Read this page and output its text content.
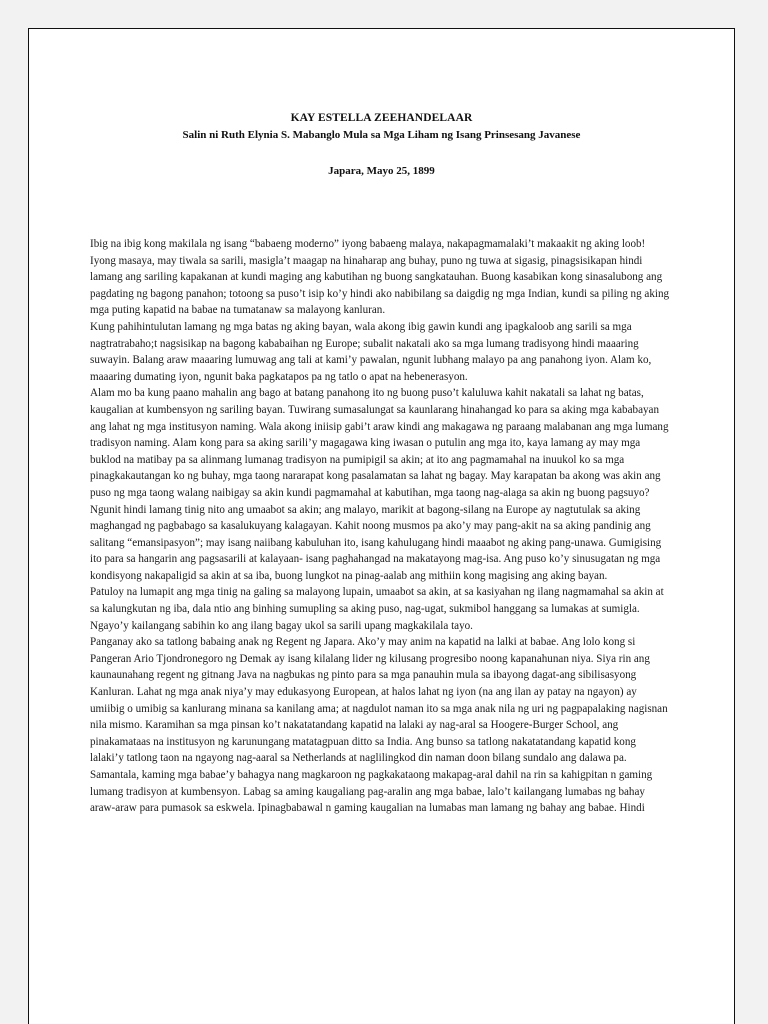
KAY ESTELLA ZEEHANDELAAR
Salin ni Ruth Elynia S. Mabanglo Mula sa Mga Liham ng Isang Prinsesang Javanese
Japara, Mayo 25, 1899

Ibig na ibig kong makilala ng isang “babaeng moderno” iyong babaeng malaya, nakapagmamalaki’t makaakit ng aking loob! Iyong masaya, may tiwala sa sarili, masigla’t maagap na hinaharap ang buhay, puno ng tuwa at sigasig, pinagsisikapan hindi lamang ang sariling kapakanan at kundi maging ang kabutihan ng buong sangkatauhan. Buong kasabikan kong sinasalubong ang pagdating ng bagong panahon; totoong sa puso’t isip ko’y hindi ako nabibilang sa daigdig ng mga Indian, kundi sa piling ng aking mga puting kapatid na babae na tumatanaw sa malayong kanluran.

Kung pahihintulutan lamang ng mga batas ng aking bayan, wala akong ibig gawin kundi ang ipagkaloob ang sarili sa mga nagtratrabaho;t nagsisikap na bagong kababaihan ng Europe; subalit nakatali ako sa mga lumang tradisyong hindi maaaring suwayin. Balang araw maaaring lumuwag ang tali at kami’y pawalan, ngunit lubhang malayo pa ang panahong iyon. Alam ko, maaaring dumating iyon, ngunit baka pagkatapos pa ng tatlo o apat na hebenerasyon.

Alam mo ba kung paano mahalin ang bago at batang panahong ito ng buong puso’t kaluluwa kahit nakatali sa lahat ng batas, kaugalian at kumbensyon ng sariling bayan. Tuwirang sumasalungat sa kaunlarang hinahangad ko para sa aking mga kababayan ang lahat ng mga institusyon naming. Wala akong iniisip gabi’t araw kindi ang makagawa ng paraang malabanan ang mga lumang tradisyon naming. Alam kong para sa aking sarili’y magagawa king iwasan o putulin ang mga ito, kaya lamang ay may mga buklod na matibay pa sa alinmang lumanag tradisyon na pumipigil sa akin; at ito ang pagmamahal na inuukol ko sa mga pinagkakautangan ko ng buhay, mga taong nararapat kong pasalamatan sa lahat ng bagay. May karapatan ba akong was akin ang puso ng mga taong walang naibigay sa akin kundi pagmamahal at kabutihan, mga taong nag-alaga sa akin ng buong pagsuyo?

Ngunit hindi lamang tinig nito ang umaabot sa akin; ang malayo, marikit at bagong-silang na Europe ay nagtutulak sa aking maghangad ng pagbabago sa kasalukuyang kalagayan. Kahit noong musmos pa ako’y may pang-akit na sa aking pandinig ang salitang “emansipasyon”; may isang naiibang kabuluhan ito, isang kahulugang hindi maaabot ng aking pang-unawa. Gumigising ito para sa hangarin ang pagsasarili at kalayaan- isang paghahangad na makatayong mag-isa. Ang puso ko’y sinusugatan ng mga kondisyong nakapaligid sa akin at sa iba, buong lungkot na pinag-aalab ang mithiin kong magising ang aking bayan.

Patuloy na lumapit ang mga tinig na galing sa malayong lupain, umaabot sa akin, at sa kasiyahan ng ilang nagmamahal sa akin at sa kalungkutan ng iba, dala ntio ang binhing sumupling sa aking puso, nag-ugat, sukmibol hanggang sa lumakas at sumigla.

Ngayo’y kailangang sabihin ko ang ilang bagay ukol sa sarili upang magkakilala tayo.

Panganay ako sa tatlong babaing anak ng Regent ng Japara. Ako’y may anim na kapatid na lalki at babae. Ang lolo kong si Pangeran Ario Tjondronegoro ng Demak ay isang kilalang lider ng kilusang progresibo noong kapanahunan niya. Siya rin ang kaunaunahang regent ng gitnang Java na nagbukas ng pinto para sa mga panauhin mula sa ibayong dagat-ang sibilisasyong Kanluran. Lahat ng mga anak niya’y may edukasyong European, at halos lahat ng iyon (na ang ilan ay patay na ngayon) ay umiibig o umibig sa kanlurang minana sa kanilang ama; at nagdulot naman ito sa mga anak nila ng uri ng pagpapalaking nagisnan nila mismo. Karamihan sa mga pinsan ko’t nakatatandang kapatid na lalaki ay nag-aral sa Hoogere-Burger School, ang pinakamataas na institusyon ng karunungang matatagpuan ditto sa India. Ang bunso sa tatlong nakatatandang kapatid kong lalaki’y tatlong taon na ngayong nag-aaral sa Netherlands at naglilingkod din naman doon bilang sundalo ang dalawa pa. Samantala, kaming mga babae’y bahagya nang magkaroon ng pagkakataong makapag-aral dahil na rin sa kahigpitan n gaming lumang tradisyon at kumbensyon. Labag sa aming kaugaliang pag-aralin ang mga babae, lalo’t kailangang lumabas ng bahay araw-araw para pumasok sa eskwela. Ipinagbabawal n gaming kaugalian na lumabas man lamang ng bahay ang babae. Hindi
